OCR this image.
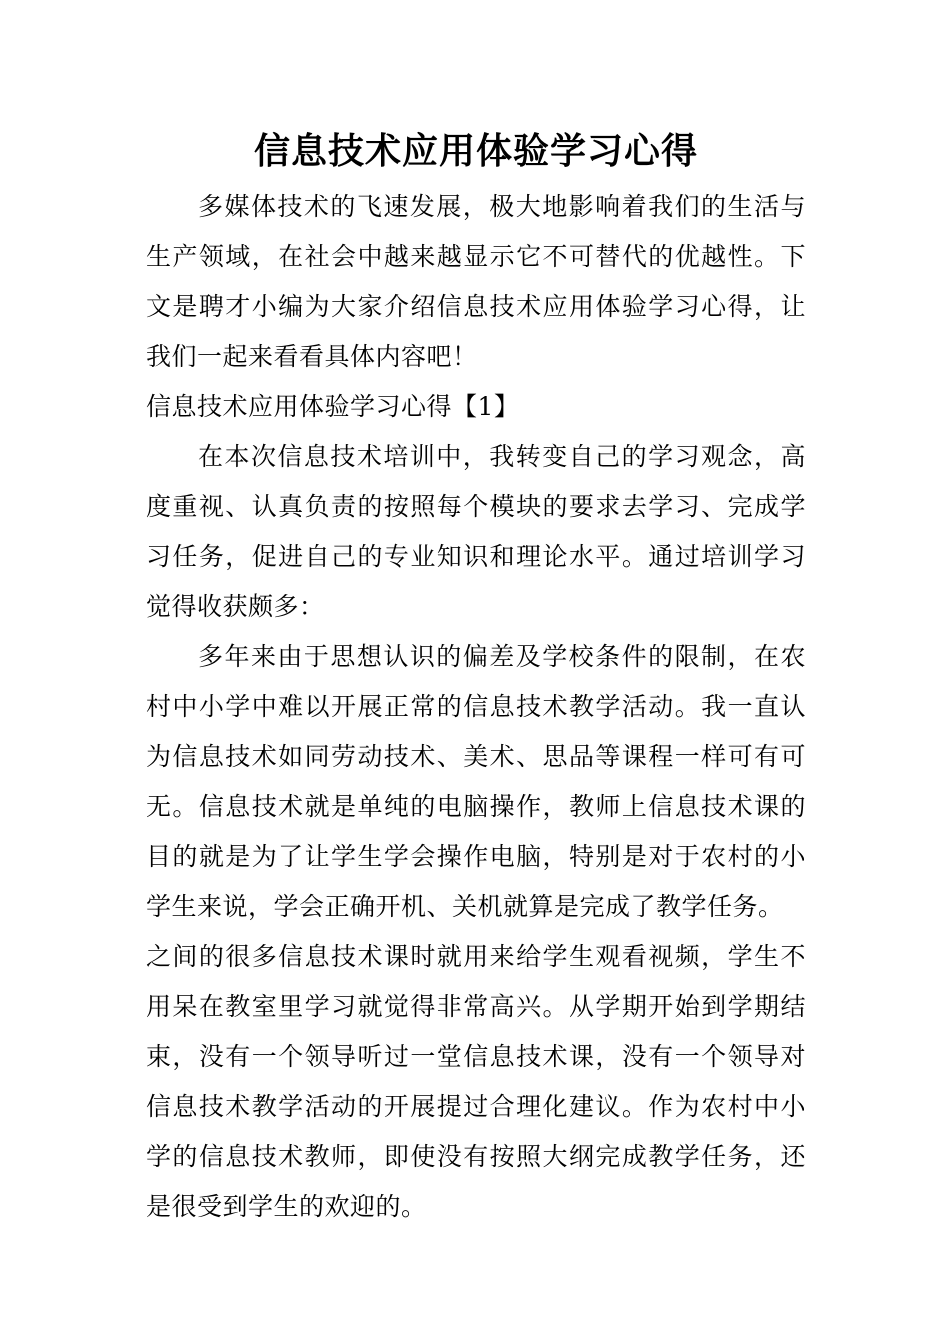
信息技术应用体验学习心得

多媒体技术的飞速发展，极大地影响着我们的生活与生产领域，在社会中越来越显示它不可替代的优越性。下文是聘才小编为大家介绍信息技术应用体验学习心得，让我们一起来看看具体内容吧！

信息技术应用体验学习心得【1】

在本次信息技术培训中，我转变自己的学习观念，高度重视、认真负责的按照每个模块的要求去学习、完成学习任务，促进自己的专业知识和理论水平。通过培训学习觉得收获颇多：

多年来由于思想认识的偏差及学校条件的限制，在农村中小学中难以开展正常的信息技术教学活动。我一直认为信息技术如同劳动技术、美术、思品等课程一样可有可无。信息技术就是单纯的电脑操作，教师上信息技术课的目的就是为了让学生学会操作电脑，特别是对于农村的小学生来说，学会正确开机、关机就算是完成了教学任务。

之间的很多信息技术课时就用来给学生观看视频，学生不用呆在教室里学习就觉得非常高兴。从学期开始到学期结束，没有一个领导听过一堂信息技术课，没有一个领导对信息技术教学活动的开展提过合理化建议。作为农村中小学的信息技术教师，即使没有按照大纲完成教学任务，还是很受到学生的欢迎的。
